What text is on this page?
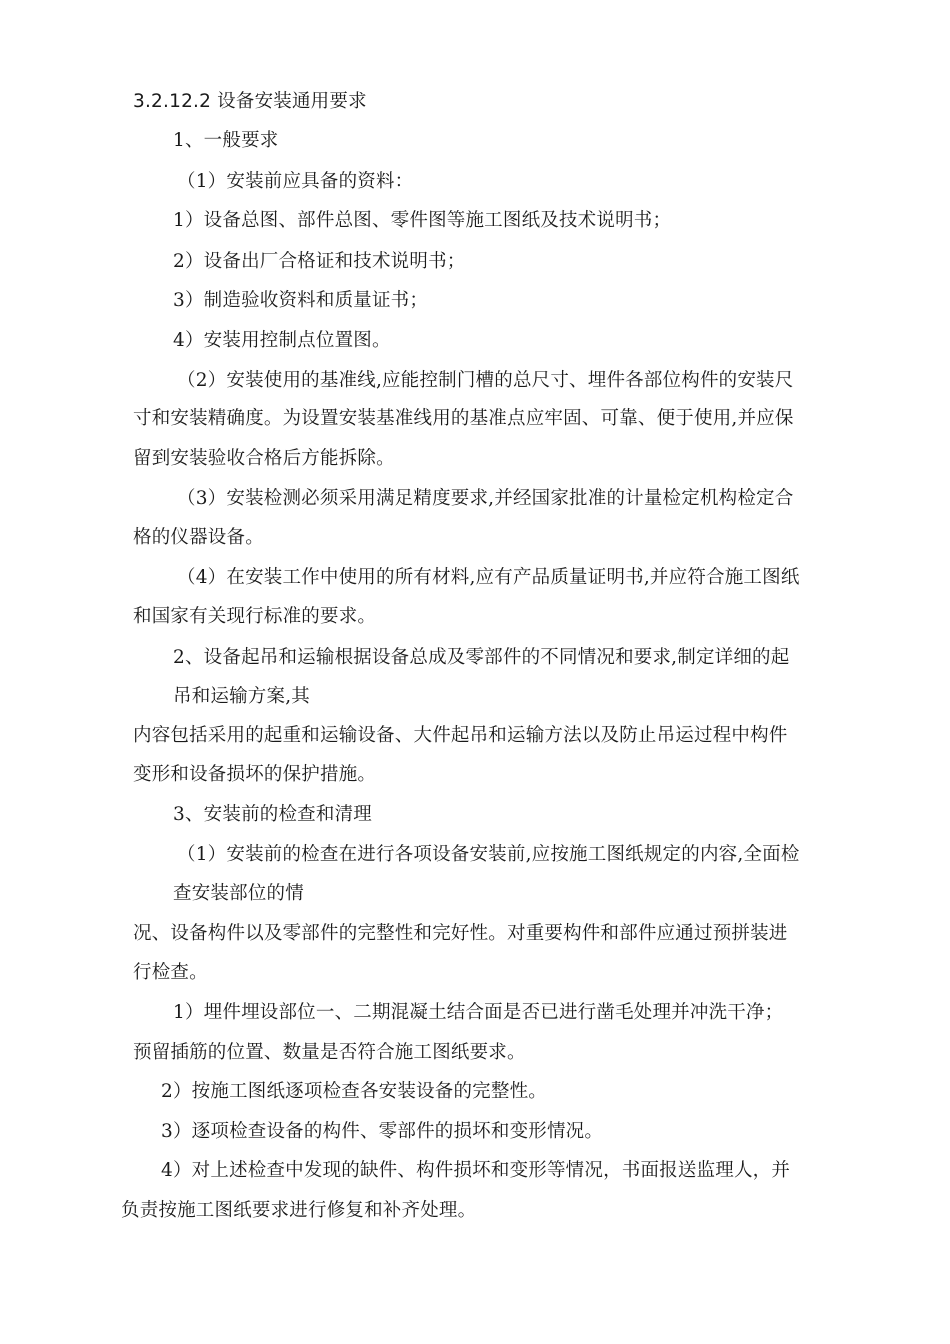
3.2.12.2 设备安装通用要求
1、一般要求
（1）安装前应具备的资料：
1）设备总图、部件总图、零件图等施工图纸及技术说明书；
2）设备出厂合格证和技术说明书；
3）制造验收资料和质量证书；
4）安装用控制点位置图。
（2）安装使用的基准线,应能控制门槽的总尺寸、埋件各部位构件的安装尺
寸和安装精确度。为设置安装基准线用的基准点应牢固、可靠、便于使用,并应保
留到安装验收合格后方能拆除。
（3）安装检测必须采用满足精度要求,并经国家批准的计量检定机构检定合
格的仪器设备。
（4）在安装工作中使用的所有材料,应有产品质量证明书,并应符合施工图纸
和国家有关现行标准的要求。
2、设备起吊和运输根据设备总成及零部件的不同情况和要求,制定详细的起
吊和运输方案,其
内容包括采用的起重和运输设备、大件起吊和运输方法以及防止吊运过程中构件
变形和设备损坏的保护措施。
3、安装前的检查和清理
（1）安装前的检查在进行各项设备安装前,应按施工图纸规定的内容,全面检
查安装部位的情
况、设备构件以及零部件的完整性和完好性。对重要构件和部件应通过预拼装进
行检查。
1）埋件埋设部位一、二期混凝土结合面是否已进行凿毛处理并冲洗干净；
预留插筋的位置、数量是否符合施工图纸要求。
2）按施工图纸逐项检查各安装设备的完整性。
3）逐项检查设备的构件、零部件的损坏和变形情况。
4）对上述检查中发现的缺件、构件损坏和变形等情况，书面报送监理人，并
负责按施工图纸要求进行修复和补齐处理。
